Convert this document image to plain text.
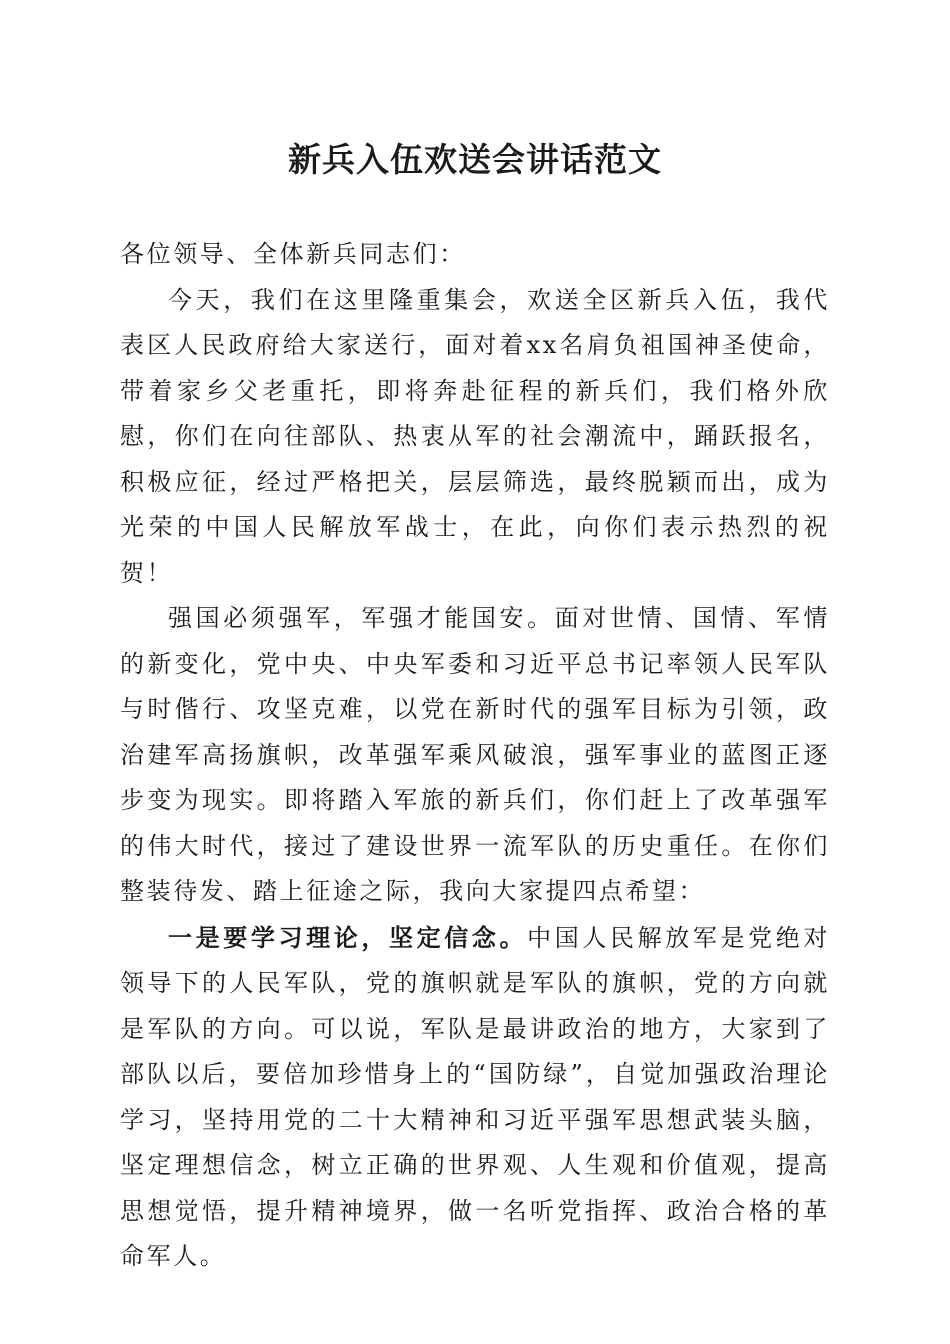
新兵入伍欢送会讲话范文

各位领导、全体新兵同志们：

今天，我们在这里隆重集会，欢送全区新兵入伍，我代表区人民政府给大家送行，面对着xx名肩负祖国神圣使命，带着家乡父老重托，即将奔赴征程的新兵们，我们格外欣慰，你们在向往部队、热衷从军的社会潮流中，踊跃报名，积极应征，经过严格把关，层层筛选，最终脱颖而出，成为光荣的中国人民解放军战士，在此，向你们表示热烈的祝贺！

强国必须强军，军强才能国安。面对世情、国情、军情的新变化，党中央、中央军委和习近平总书记率领人民军队与时偕行、攻坚克难，以党在新时代的强军目标为引领，政治建军高扬旗帜，改革强军乘风破浪，强军事业的蓝图正逐步变为现实。即将踏入军旅的新兵们，你们赶上了改革强军的伟大时代，接过了建设世界一流军队的历史重任。在你们整装待发、踏上征途之际，我向大家提四点希望：

一是要学习理论，坚定信念。中国人民解放军是党绝对领导下的人民军队，党的旗帜就是军队的旗帜，党的方向就是军队的方向。可以说，军队是最讲政治的地方，大家到了部队以后，要倍加珍惜身上的“国防绿”，自觉加强政治理论学习，坚持用党的二十大精神和习近平强军思想武装头脑，坚定理想信念，树立正确的世界观、人生观和价值观，提高思想觉悟，提升精神境界，做一名听党指挥、政治合格的革命军人。
